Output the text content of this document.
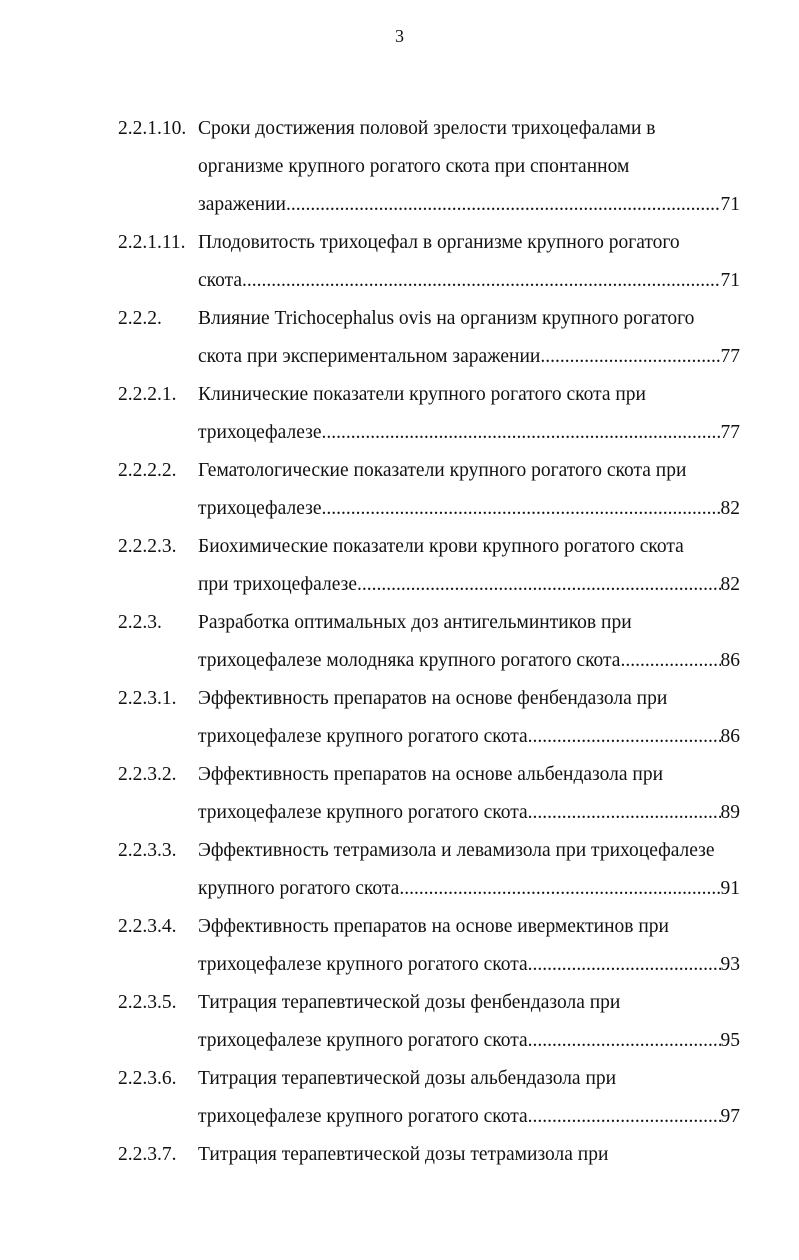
3
2.2.1.10. Сроки достижения половой зрелости трихоцефалами в
организме крупного рогатого скота при спонтанном
заражении .....	71
2.2.1.11. Плодовитость трихоцефал в организме крупного рогатого
скота .....	71
2.2.2.	Влияние Trichocephalus ovis на организм крупного рогатого
скота при экспериментальном заражении .....	77
2.2.2.1.	Клинические показатели крупного рогатого скота при
трихоцефалезе .....	77
2.2.2.2.	Гематологические показатели крупного рогатого скота при
трихоцефалезе .....	82
2.2.2.3.	Биохимические показатели крови крупного рогатого скота
при трихоцефалезе .....	82
2.2.3.	Разработка оптимальных доз антигельминтиков при
трихоцефалезе молодняка крупного рогатого скота .....	86
2.2.3.1.	Эффективность препаратов на основе фенбендазола при
трихоцефалезе крупного рогатого скота .....	86
2.2.3.2.	Эффективность препаратов на основе альбендазола при
трихоцефалезе крупного рогатого скота .....	89
2.2.3.3.	Эффективность тетрамизола и левамизола при трихоцефалезе
крупного рогатого скота .....	91
2.2.3.4.	Эффективность препаратов на основе ивермектинов при
трихоцефалезе крупного рогатого скота .....	93
2.2.3.5.	Титрация терапевтической дозы фенбендазола при
трихоцефалезе крупного рогатого скота .....	95
2.2.3.6.	Титрация терапевтической дозы альбендазола при
трихоцефалезе крупного рогатого скота .....	97
2.2.3.7.	Титрация терапевтической дозы тетрамизола при
